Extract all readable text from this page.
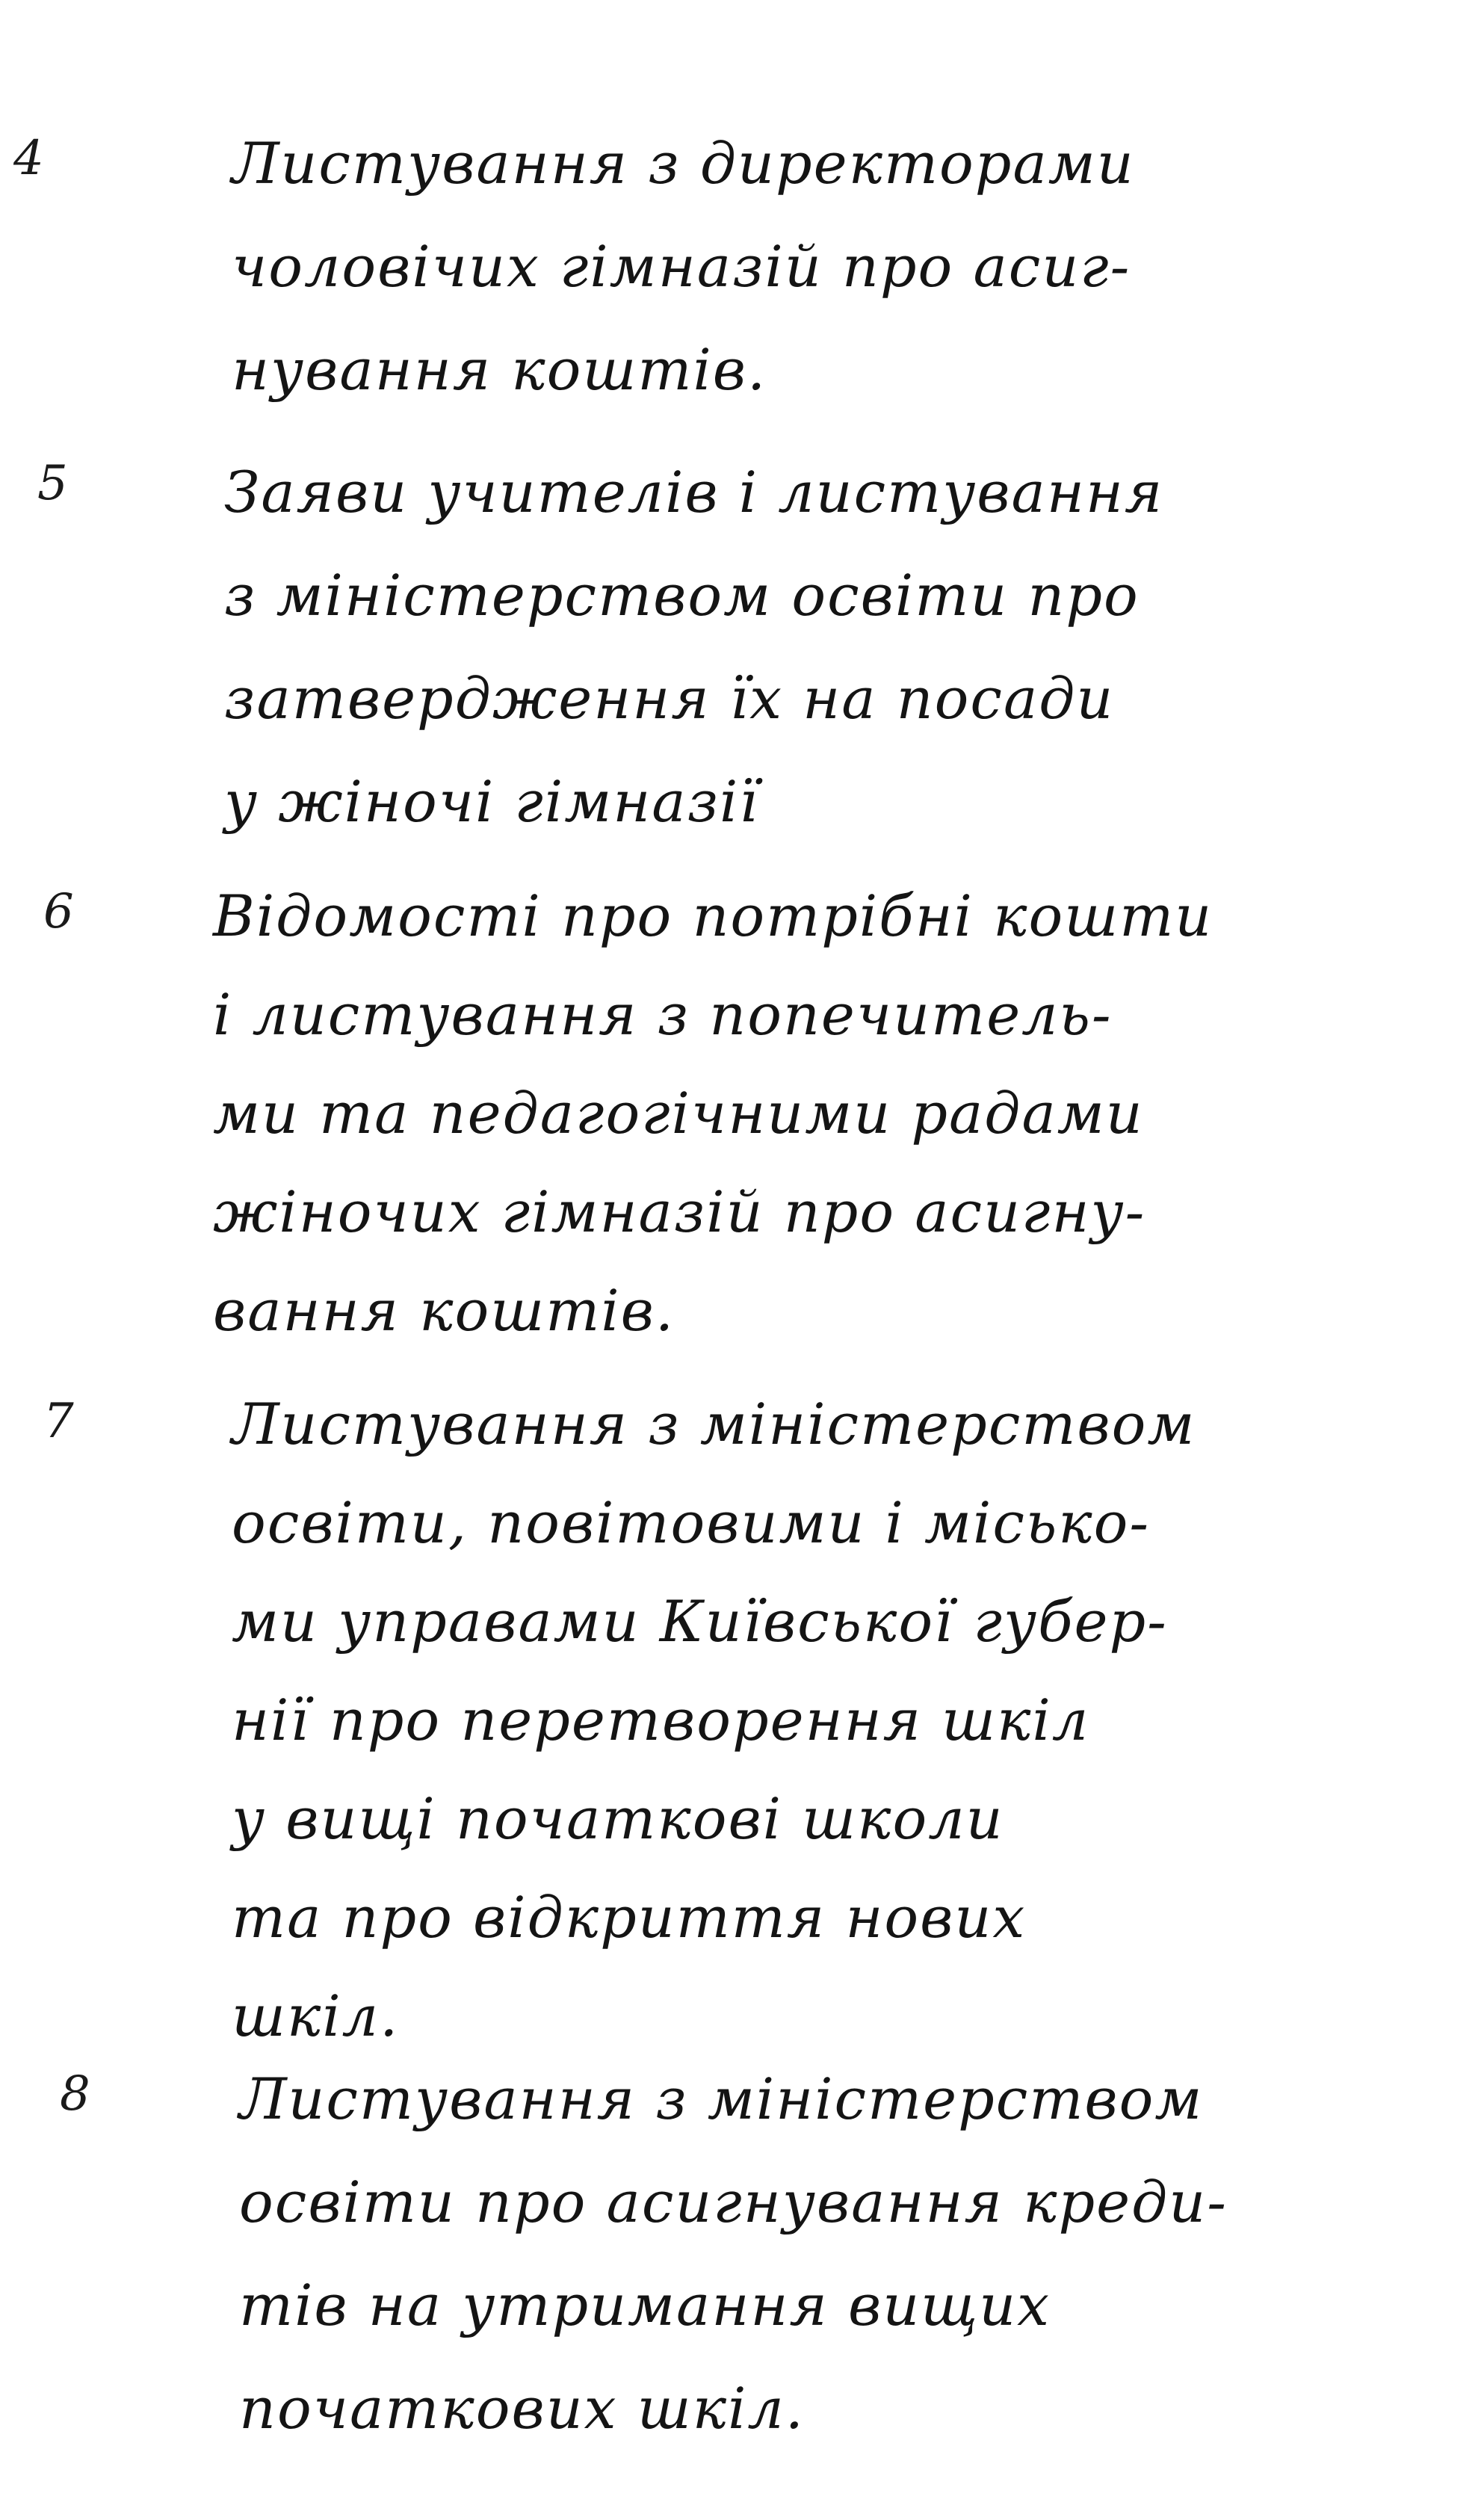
4	Листування з директорами
чоловічих гімназій про асиг-
нування коштів.
5	Заяви учителів і листування
з міністерством освіти про
затвердження їх на посади
у жіночі гімназії
6 Відомості про потрібні кошти
і листування з попечитель-
ми та педагогічними радами
жіночих гімназій про асигну-
вання коштів.
7	Листування з міністерством
освіти, повітовими і місько-
ми управами Київської губер-
нії про перетворення шкіл
у вищі початкові школи
та про відкриття нових
шкіл.
8	Листування з міністерством
освіти про асигнування креди-
тів на утримання вищих
початкових шкіл.
